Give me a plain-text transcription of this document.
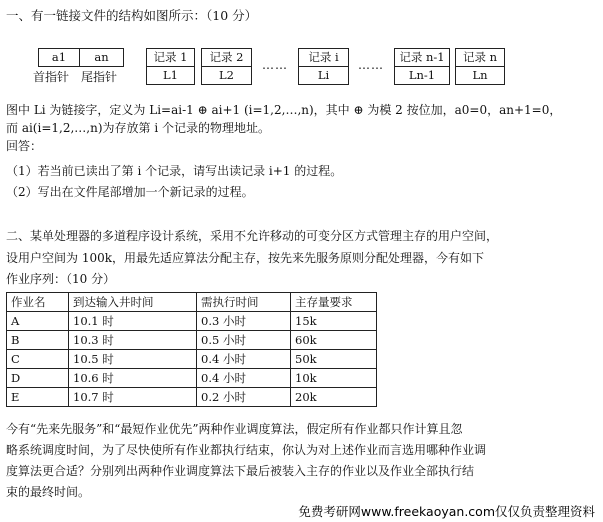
一、有一链接文件的结构如图所示：（10 分）
a1	an
首指针 尾指针
记录 1
L1
记录 2
L2
……
记录 i
Li
……
记录 n-1
Ln-1
记录 n
Ln
图中 Li 为链接字，定义为 Li=ai-1 ⊕ ai+1 (i=1,2,…,n)，其中 ⊕ 为模 2 按位加，a0=0，an+1=0，
而 ai(i=1,2,…,n)为存放第 i 个记录的物理地址。
回答：
（1）若当前已读出了第 i 个记录，请写出读记录 i+1 的过程。
（2）写出在文件尾部增加一个新记录的过程。
二、某单处理器的多道程序设计系统，采用不允许移动的可变分区方式管理主存的用户空间，
设用户空间为 100k，用最先适应算法分配主存，按先来先服务原则分配处理器，今有如下
作业序列：（10 分）
作业名	到达输入井时间	需执行时间	主存量要求
A	10.1 时	0.3 小时	15k
B	10.3 时	0.5 小时	60k
C	10.5 时	0.4 小时	50k
D	10.6 时	0.4 小时	10k
E	10.7 时	0.2 小时	20k
今有“先来先服务”和“最短作业优先”两种作业调度算法，假定所有作业都只作计算且忽
略系统调度时间，为了尽快使所有作业都执行结束，你认为对上述作业而言选用哪种作业调
度算法更合适？分别列出两种作业调度算法下最后被装入主存的作业以及作业全部执行结
束的最终时间。
免费考研网www.freekaoyan.com仅仅负责整理资料
